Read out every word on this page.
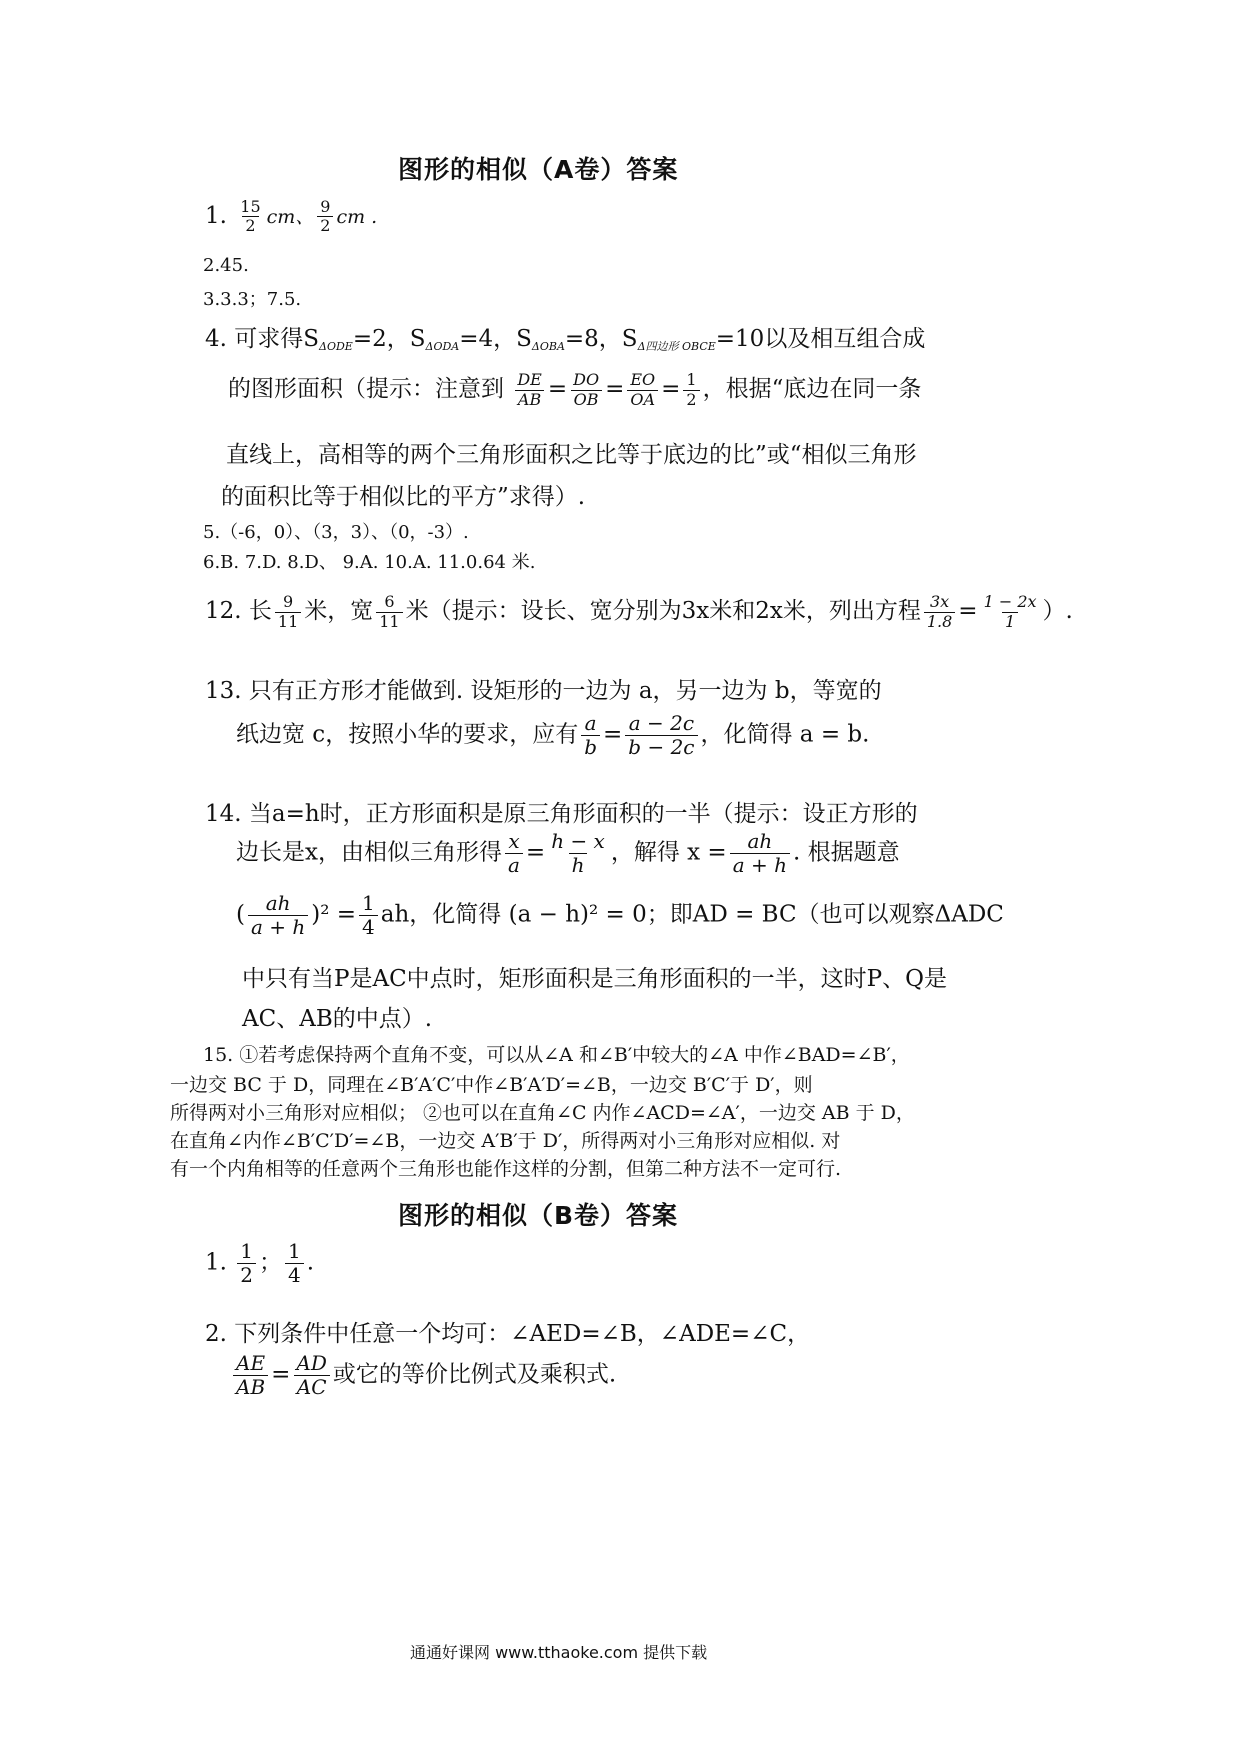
图形的相似（A卷）答案
1. $\frac{15}{2}$ cm、 $\frac{9}{2}$ cm .
2.45.
3.3.3；7.5.
4. 可求得$S_{\Delta ODE}=2$，$S_{\Delta ODA}=4$，$S_{\Delta OBA}=8$，$S_{\Delta 四边形 OBCE}=10$以及相互组合成
的图形面积（提示：注意到 $\frac{DE}{AB} = \frac{DO}{OB} = \frac{EO}{OA} = \frac{1}{2}$ ，根据“底边在同一条
直线上，高相等的两个三角形面积之比等于底边的比”或“相似三角形
的面积比等于相似比的平方”求得）.
5.（-6，0）、（3，3）、（0，-3）.
6.B. 7.D. 8.D、 9.A. 10.A. 11.0.64 米.
12. 长 $\frac{9}{11}$ 米，宽 $\frac{6}{11}$ 米（提示：设长、宽分别为3x米和2x米，列出方程 $\frac{3x}{1.8} = \frac{1 - 2x}{1}$ ）.
13. 只有正方形才能做到. 设矩形的一边为 a，另一边为 b，等宽的
纸边宽 c，按照小华的要求，应有 $\frac{a}{b} = \frac{a - 2c}{b - 2c}$ ，化简得 a = b.
14. 当a=h时，正方形面积是原三角形面积的一半（提示：设正方形的
边长是x，由相似三角形得 $\frac{x}{a} = \frac{h - x}{h}$ ，解得 $x = \frac{ah}{a + h}$ . 根据题意
( $\frac{ah}{a + h} )^2 = \frac{1}{4}$ ah，化简得 (a − h)² = 0；即AD = BC（也可以观察ΔADC
中只有当P是AC中点时，矩形面积是三角形面积的一半，这时P、Q是
AC、AB的中点）.
15. ①若考虑保持两个直角不变，可以从∠A 和∠B′中较大的∠A 中作∠BAD=∠B′，
一边交 BC 于 D，同理在∠B′A′C′中作∠B′A′D′=∠B，一边交 B′C′于 D′，则
所得两对小三角形对应相似； ②也可以在直角∠C 内作∠ACD=∠A′，一边交 AB 于 D，
在直角∠内作∠B′C′D′=∠B，一边交 A′B′于 D′，所得两对小三角形对应相似. 对
有一个内角相等的任意两个三角形也能作这样的分割，但第二种方法不一定可行.
图形的相似（B卷）答案
1. $\frac{1}{2}$ ； $\frac{1}{4}$ .
2. 下列条件中任意一个均可：∠AED=∠B，∠ADE=∠C，
$\frac{AE}{AB} = \frac{AD}{AC}$ 或它的等价比例式及乘积式.
通通好课网 www.tthaoke.com 提供下载
